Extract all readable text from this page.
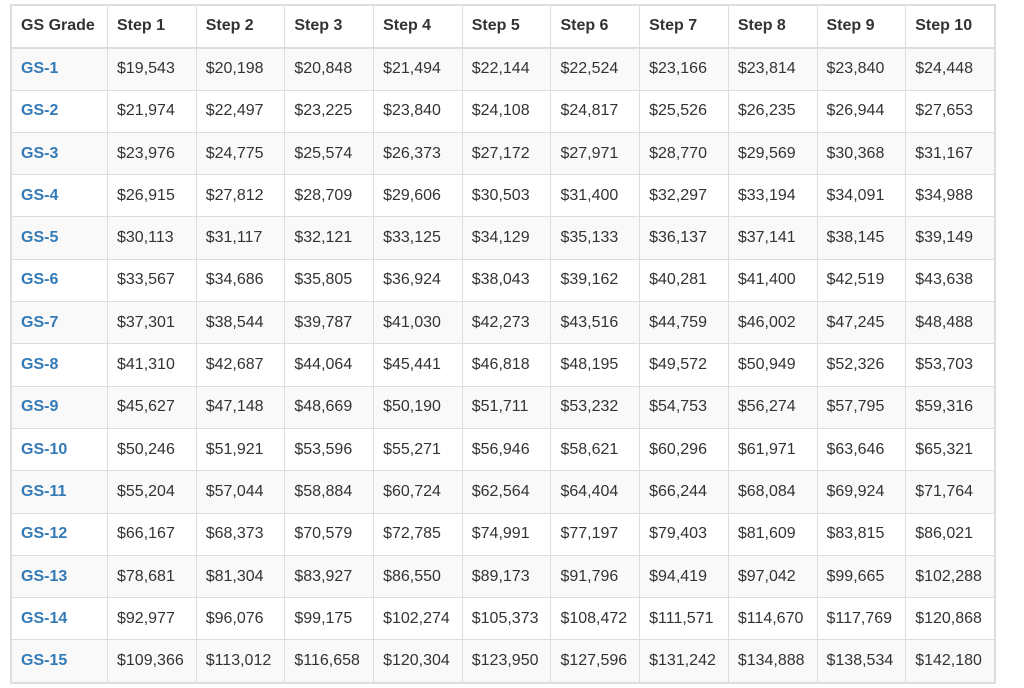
GS Grade	Step 1	Step 2	Step 3	Step 4	Step 5	Step 6	Step 7	Step 8	Step 9	Step 10
GS-1	$19,543	$20,198	$20,848	$21,494	$22,144	$22,524	$23,166	$23,814	$23,840	$24,448
GS-2	$21,974	$22,497	$23,225	$23,840	$24,108	$24,817	$25,526	$26,235	$26,944	$27,653
GS-3	$23,976	$24,775	$25,574	$26,373	$27,172	$27,971	$28,770	$29,569	$30,368	$31,167
GS-4	$26,915	$27,812	$28,709	$29,606	$30,503	$31,400	$32,297	$33,194	$34,091	$34,988
GS-5	$30,113	$31,117	$32,121	$33,125	$34,129	$35,133	$36,137	$37,141	$38,145	$39,149
GS-6	$33,567	$34,686	$35,805	$36,924	$38,043	$39,162	$40,281	$41,400	$42,519	$43,638
GS-7	$37,301	$38,544	$39,787	$41,030	$42,273	$43,516	$44,759	$46,002	$47,245	$48,488
GS-8	$41,310	$42,687	$44,064	$45,441	$46,818	$48,195	$49,572	$50,949	$52,326	$53,703
GS-9	$45,627	$47,148	$48,669	$50,190	$51,711	$53,232	$54,753	$56,274	$57,795	$59,316
GS-10	$50,246	$51,921	$53,596	$55,271	$56,946	$58,621	$60,296	$61,971	$63,646	$65,321
GS-11	$55,204	$57,044	$58,884	$60,724	$62,564	$64,404	$66,244	$68,084	$69,924	$71,764
GS-12	$66,167	$68,373	$70,579	$72,785	$74,991	$77,197	$79,403	$81,609	$83,815	$86,021
GS-13	$78,681	$81,304	$83,927	$86,550	$89,173	$91,796	$94,419	$97,042	$99,665	$102,288
GS-14	$92,977	$96,076	$99,175	$102,274	$105,373	$108,472	$111,571	$114,670	$117,769	$120,868
GS-15	$109,366	$113,012	$116,658	$120,304	$123,950	$127,596	$131,242	$134,888	$138,534	$142,180
